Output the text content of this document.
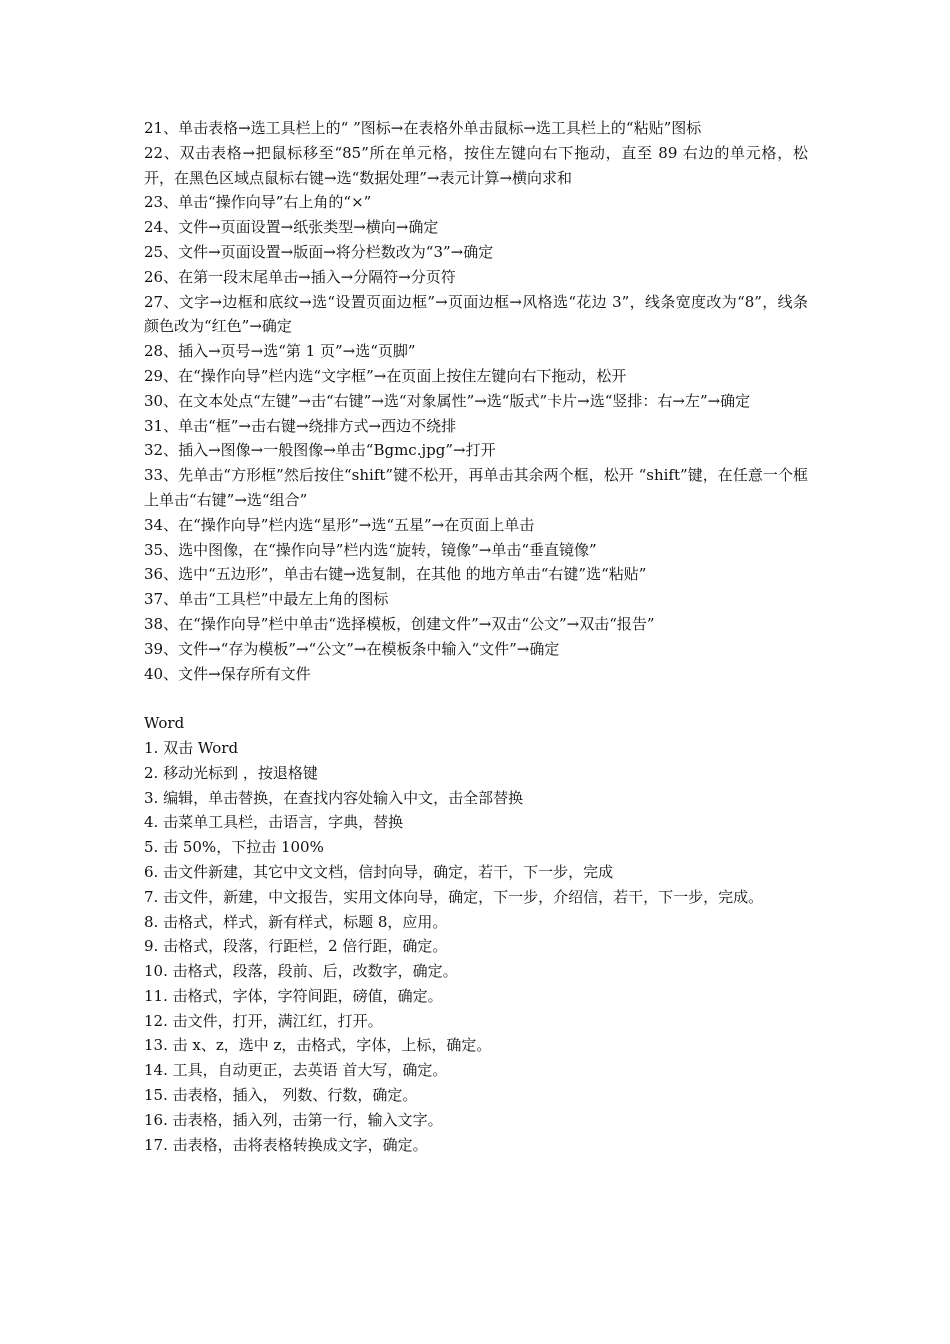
21、单击表格→选工具栏上的“ ”图标→在表格外单击鼠标→选工具栏上的“粘贴”图标

22、双击表格→把鼠标移至“85”所在单元格，按住左键向右下拖动，直至 89 右边的单元格，松开，在黑色区域点鼠标右键→选“数据处理”→表元计算→横向求和

23、单击“操作向导”右上角的“×”

24、文件→页面设置→纸张类型→横向→确定

25、文件→页面设置→版面→将分栏数改为“3”→确定

26、在第一段末尾单击→插入→分隔符→分页符

27、文字→边框和底纹→选“设置页面边框”→页面边框→风格选“花边 3”，线条宽度改为“8”，线条颜色改为“红色”→确定

28、插入→页号→选“第 1 页”→选“页脚”

29、在“操作向导”栏内选“文字框”→在页面上按住左键向右下拖动，松开

30、在文本处点“左键”→击“右键”→选“对象属性”→选“版式”卡片→选“竖排：右→左”→确定

31、单击“框”→击右键→绕排方式→西边不绕排

32、插入→图像→一般图像→单击“Bgmc.jpg”→打开

33、先单击“方形框”然后按住“shift”键不松开，再单击其余两个框，松开 “shift”键，在任意一个框上单击“右键”→选“组合”

34、在“操作向导”栏内选“星形”→选“五星”→在页面上单击

35、选中图像，在“操作向导”栏内选“旋转，镜像”→单击“垂直镜像”

36、选中“五边形”，单击右键→选复制，在其他 的地方单击“右键”选“粘贴”

37、单击“工具栏”中最左上角的图标

38、在“操作向导”栏中单击“选择模板，创建文件”→双击“公文”→双击“报告”

39、文件→“存为模板”→“公文”→在模板条中输入“文件”→确定

40、文件→保存所有文件

Word

1. 双击 Word

2. 移动光标到 ，按退格键

3. 编辑，单击替换，在查找内容处输入中文，击全部替换

4. 击菜单工具栏，击语言，字典，替换

5. 击 50%，下拉击 100%

6. 击文件新建，其它中文文档，信封向导，确定，若干，下一步，完成

7. 击文件，新建，中文报告，实用文体向导，确定，下一步，介绍信，若干，下一步，完成。

8. 击格式，样式，新有样式，标题 8，应用。

9. 击格式，段落，行距栏，2 倍行距，确定。

10. 击格式，段落，段前、后，改数字，确定。

11. 击格式，字体，字符间距，磅值，确定。

12. 击文件，打开，满江红，打开。

13. 击 x、z，选中 z，击格式，字体，上标，确定。

14. 工具，自动更正，去英语 首大写，确定。

15. 击表格，插入， 列数、行数，确定。

16. 击表格，插入列，击第一行，输入文字。

17. 击表格，击将表格转换成文字，确定。
